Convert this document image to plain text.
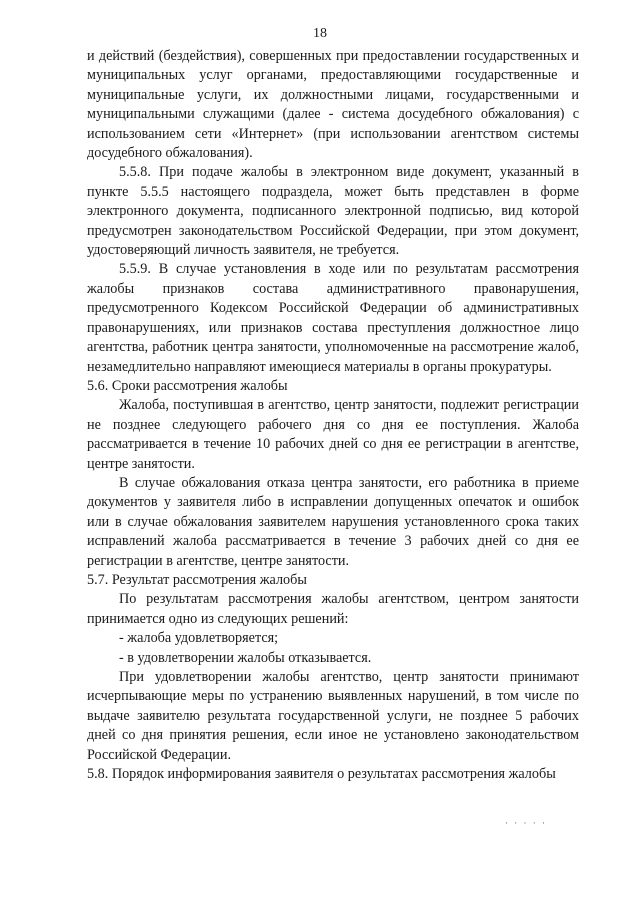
18

и действий (бездействия), совершенных при предоставлении государственных и муниципальных услуг органами, предоставляющими государственные и муниципальные услуги, их должностными лицами, государственными и муниципальными служащими (далее - система досудебного обжалования) с использованием сети «Интернет» (при использовании агентством системы досудебного обжалования).

5.5.8. При подаче жалобы в электронном виде документ, указанный в пункте 5.5.5 настоящего подраздела, может быть представлен в форме электронного документа, подписанного электронной подписью, вид которой предусмотрен законодательством Российской Федерации, при этом документ, удостоверяющий личность заявителя, не требуется.

5.5.9. В случае установления в ходе или по результатам рассмотрения жалобы признаков состава административного правонарушения, предусмотренного Кодексом Российской Федерации об административных правонарушениях, или признаков состава преступления должностное лицо агентства, работник центра занятости, уполномоченные на рассмотрение жалоб, незамедлительно направляют имеющиеся материалы в органы прокуратуры.

5.6. Сроки рассмотрения жалобы

Жалоба, поступившая в агентство, центр занятости, подлежит регистрации не позднее следующего рабочего дня со дня ее поступления. Жалоба рассматривается в течение 10 рабочих дней со дня ее регистрации в агентстве, центре занятости.

В случае обжалования отказа центра занятости, его работника в приеме документов у заявителя либо в исправлении допущенных опечаток и ошибок или в случае обжалования заявителем нарушения установленного срока таких исправлений жалоба рассматривается в течение 3 рабочих дней со дня ее регистрации в агентстве, центре занятости.

5.7. Результат рассмотрения жалобы

По результатам рассмотрения жалобы агентством, центром занятости принимается одно из следующих решений:

- жалоба удовлетворяется;

- в удовлетворении жалобы отказывается.

При удовлетворении жалобы агентство, центр занятости принимают исчерпывающие меры по устранению выявленных нарушений, в том числе по выдаче заявителю результата государственной услуги, не позднее 5 рабочих дней со дня принятия решения, если иное не установлено законодательством Российской Федерации.

5.8. Порядок информирования заявителя о результатах рассмотрения жалобы

· · · · ·
